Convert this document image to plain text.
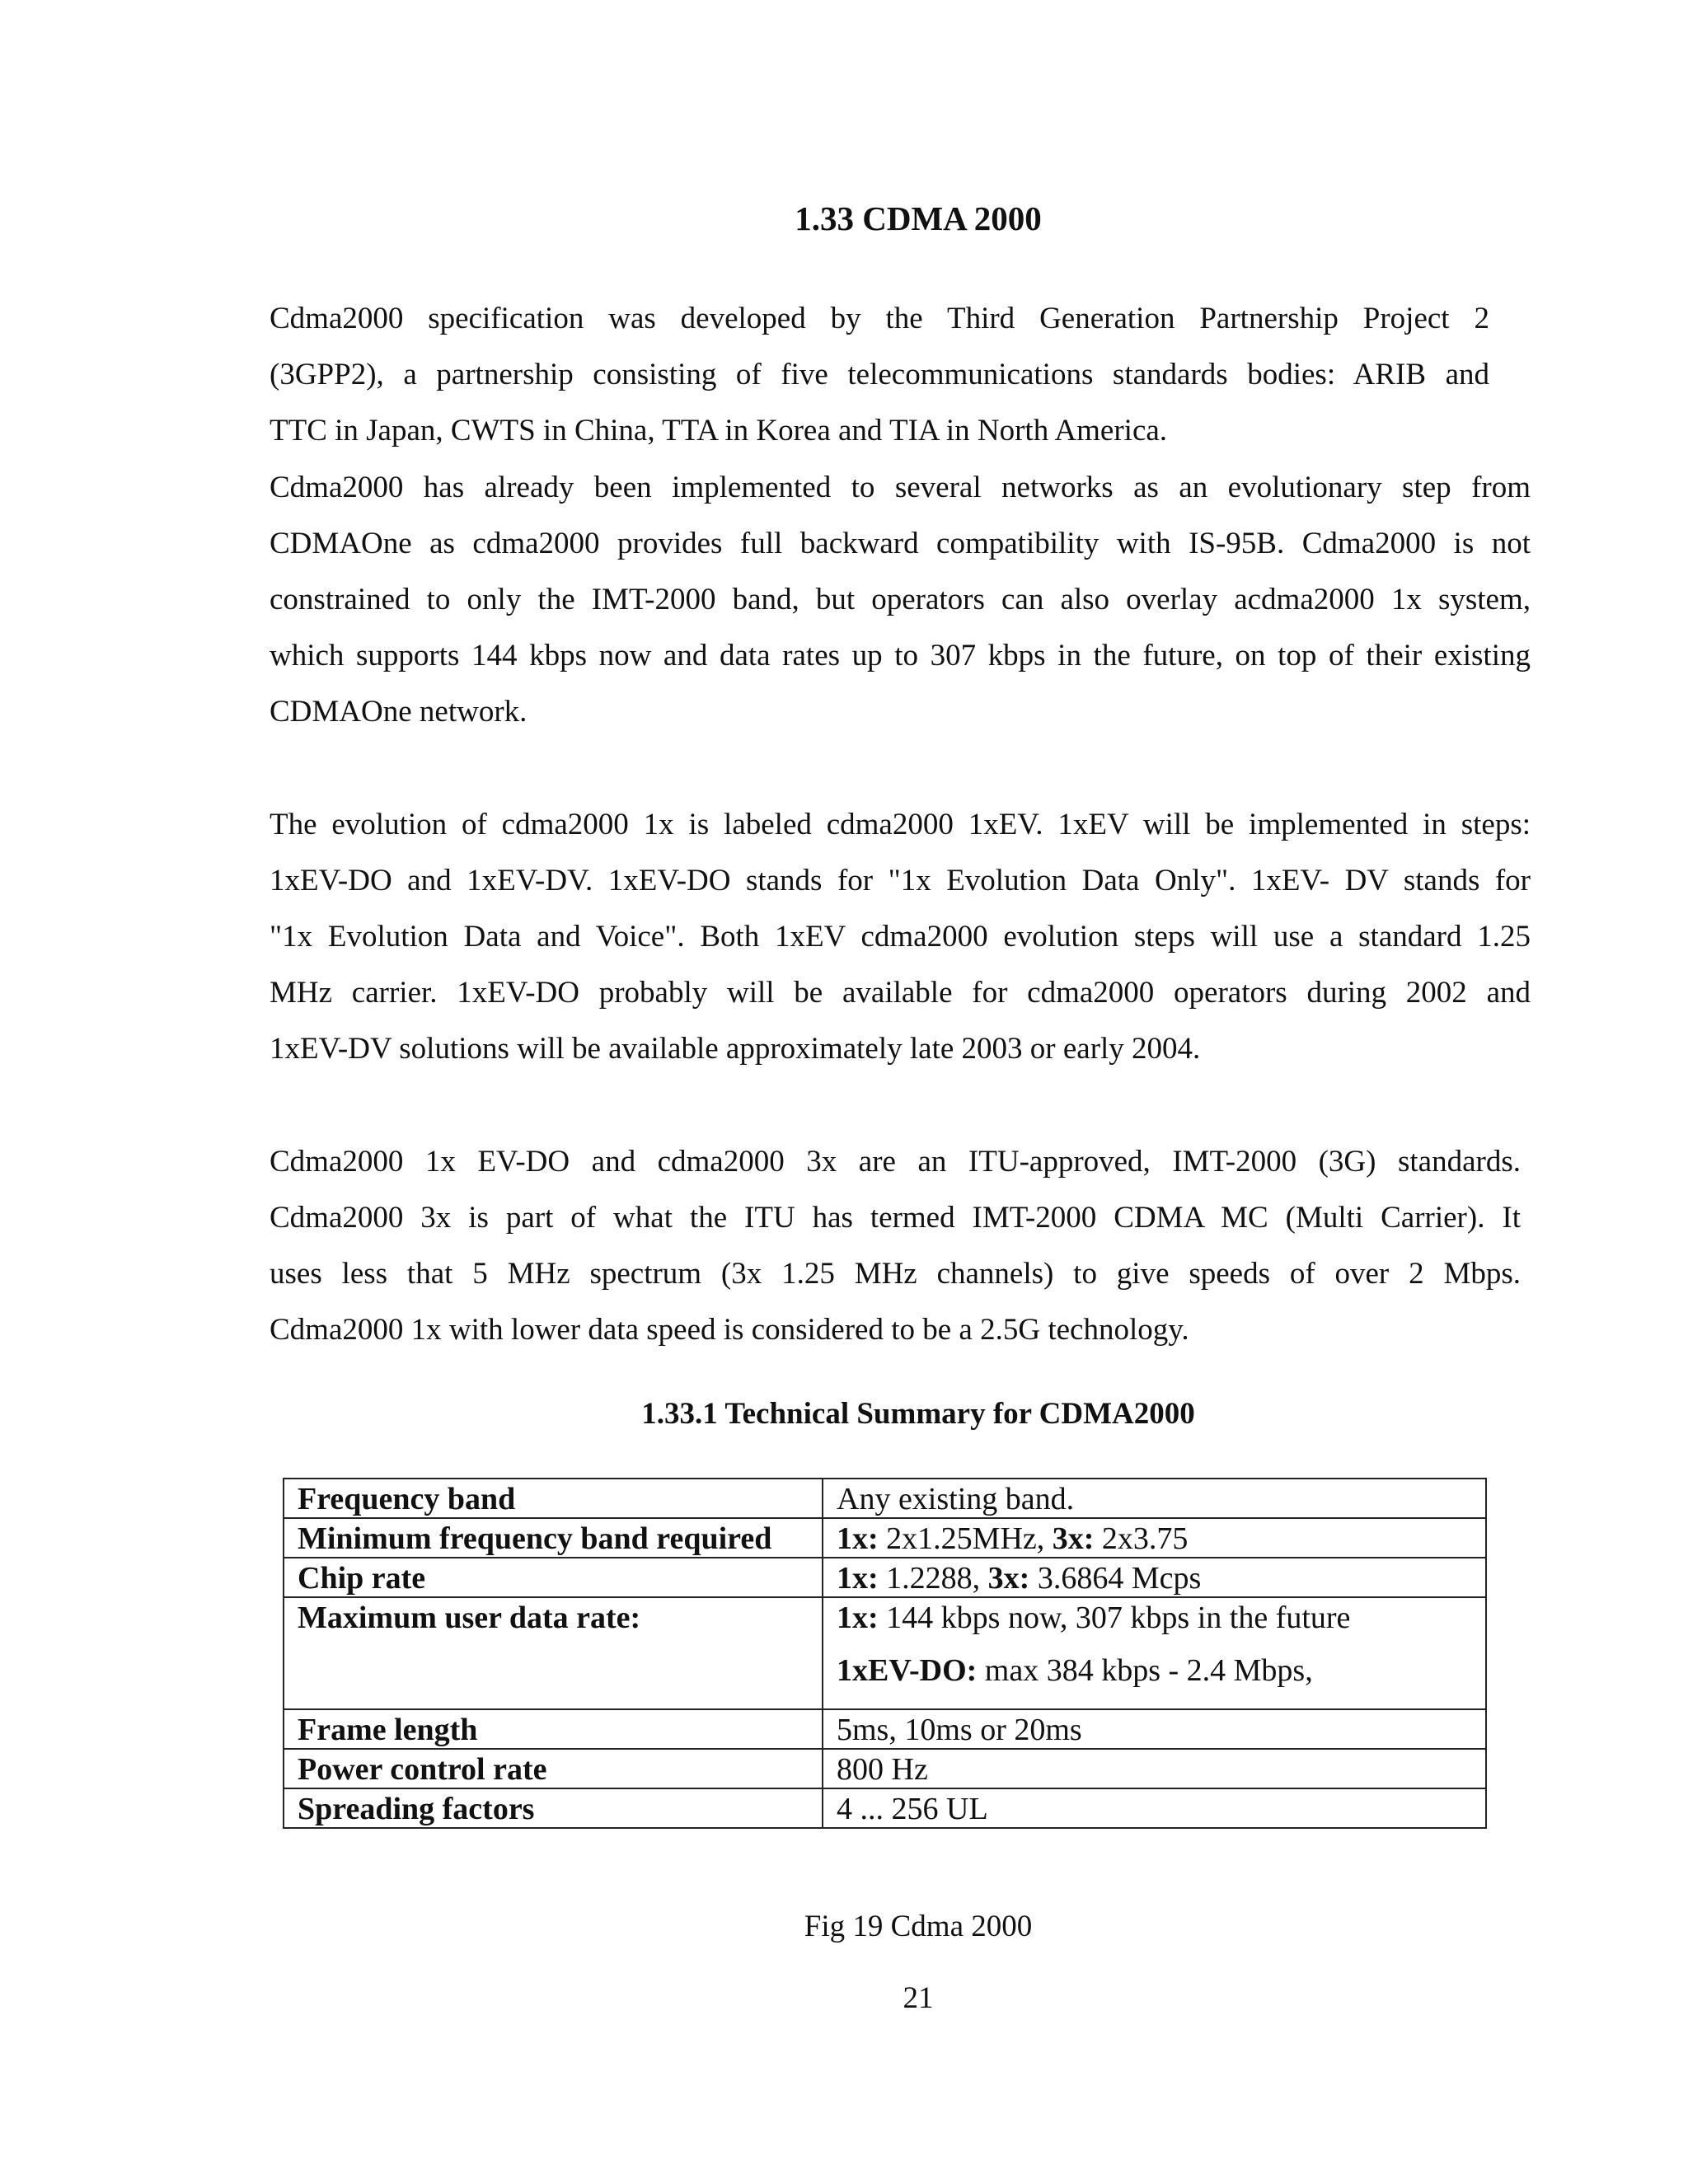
1.33 CDMA 2000
Cdma2000 specification was developed by the Third Generation Partnership Project 2
(3GPP2), a partnership consisting of five telecommunications standards bodies: ARIB and
TTC in Japan, CWTS in China, TTA in Korea and TIA in North America.
Cdma2000 has already been implemented to several networks as an evolutionary step from
CDMAOne as cdma2000 provides full backward compatibility with IS-95B. Cdma2000 is not
constrained to only the IMT-2000 band, but operators can also overlay acdma2000 1x system,
which supports 144 kbps now and data rates up to 307 kbps in the future, on top of their existing
CDMAOne network.
The evolution of cdma2000 1x is labeled cdma2000 1xEV. 1xEV will be implemented in steps:
1xEV-DO and 1xEV-DV. 1xEV-DO stands for "1x Evolution Data Only". 1xEV- DV stands for
"1x Evolution Data and Voice". Both 1xEV cdma2000 evolution steps will use a standard 1.25
MHz carrier. 1xEV-DO probably will be available for cdma2000 operators during 2002 and
1xEV-DV solutions will be available approximately late 2003 or early 2004.
Cdma2000 1x EV-DO and cdma2000 3x are an ITU-approved, IMT-2000 (3G) standards.
Cdma2000 3x is part of what the ITU has termed IMT-2000 CDMA MC (Multi Carrier). It
uses less that 5 MHz spectrum (3x 1.25 MHz channels) to give speeds of over 2 Mbps.
Cdma2000 1x with lower data speed is considered to be a 2.5G technology.
1.33.1 Technical Summary for CDMA2000
Frequency band	Any existing band.
Minimum frequency band required	1x: 2x1.25MHz, 3x: 2x3.75
Chip rate	1x: 1.2288, 3x: 3.6864 Mcps
Maximum user data rate:	1x: 144 kbps now, 307 kbps in the future
1xEV-DO: max 384 kbps - 2.4 Mbps,

Frame length	5ms, 10ms or 20ms
Power control rate	800 Hz
Spreading factors	4 ... 256 UL
Fig 19 Cdma 2000
21
